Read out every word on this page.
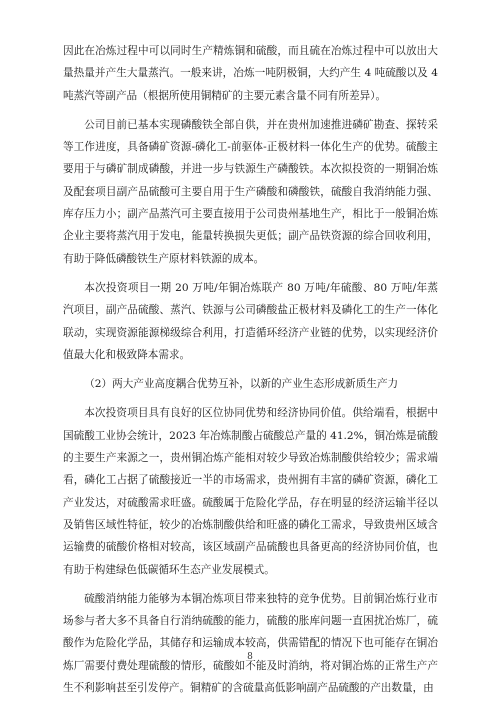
因此在冶炼过程中可以同时生产精炼铜和硫酸，而且硫在冶炼过程中可以放出大量热量并产生大量蒸汽。一般来讲，冶炼一吨阴极铜，大约产生 4 吨硫酸以及 4 吨蒸汽等副产品（根据所使用铜精矿的主要元素含量不同有所差异）。

公司目前已基本实现磷酸铁全部自供，并在贵州加速推进磷矿勘查、探转采等工作进度，具备磷矿资源-磷化工-前驱体-正极材料一体化生产的优势。硫酸主要用于与磷矿制成磷酸，并进一步与铁源生产磷酸铁。本次拟投资的一期铜冶炼及配套项目副产品硫酸可主要自用于生产磷酸和磷酸铁，硫酸自我消纳能力强、库存压力小；副产品蒸汽可主要直接用于公司贵州基地生产，相比于一般铜冶炼企业主要将蒸汽用于发电，能量转换损失更低；副产品铁资源的综合回收利用，有助于降低磷酸铁生产原材料铁源的成本。

本次投资项目一期 20 万吨/年铜冶炼联产 80 万吨/年硫酸、80 万吨/年蒸汽项目，副产品硫酸、蒸汽、铁源与公司磷酸盐正极材料及磷化工的生产一体化联动，实现资源能源梯级综合利用，打造循环经济产业链的优势，以实现经济价值最大化和极致降本需求。

（2）两大产业高度耦合优势互补，以新的产业生态形成新质生产力

本次投资项目具有良好的区位协同优势和经济协同价值。供给端看，根据中国硫酸工业协会统计，2023 年冶炼制酸占硫酸总产量的 41.2%，铜冶炼是硫酸的主要生产来源之一，贵州铜冶炼产能相对较少导致冶炼制酸供给较少；需求端看，磷化工占据了硫酸接近一半的市场需求，贵州拥有丰富的磷矿资源，磷化工产业发达，对硫酸需求旺盛。硫酸属于危险化学品，存在明显的经济运输半径以及销售区域性特征，较少的冶炼制酸供给和旺盛的磷化工需求，导致贵州区域含运输费的硫酸价格相对较高，该区域副产品硫酸也具备更高的经济协同价值，也有助于构建绿色低碳循环生态产业发展模式。

硫酸消纳能力能够为本铜冶炼项目带来独特的竞争优势。目前铜冶炼行业市场参与者大多不具备自行消纳硫酸的能力，硫酸的胀库问题一直困扰冶炼厂，硫酸作为危险化学品，其储存和运输成本较高，供需错配的情况下也可能存在铜冶炼厂需要付费处理硫酸的情形，硫酸如不能及时消纳，将对铜冶炼的正常生产产生不利影响甚至引发停产。铜精矿的含硫量高低影响副产品硫酸的产出数量，由

8
